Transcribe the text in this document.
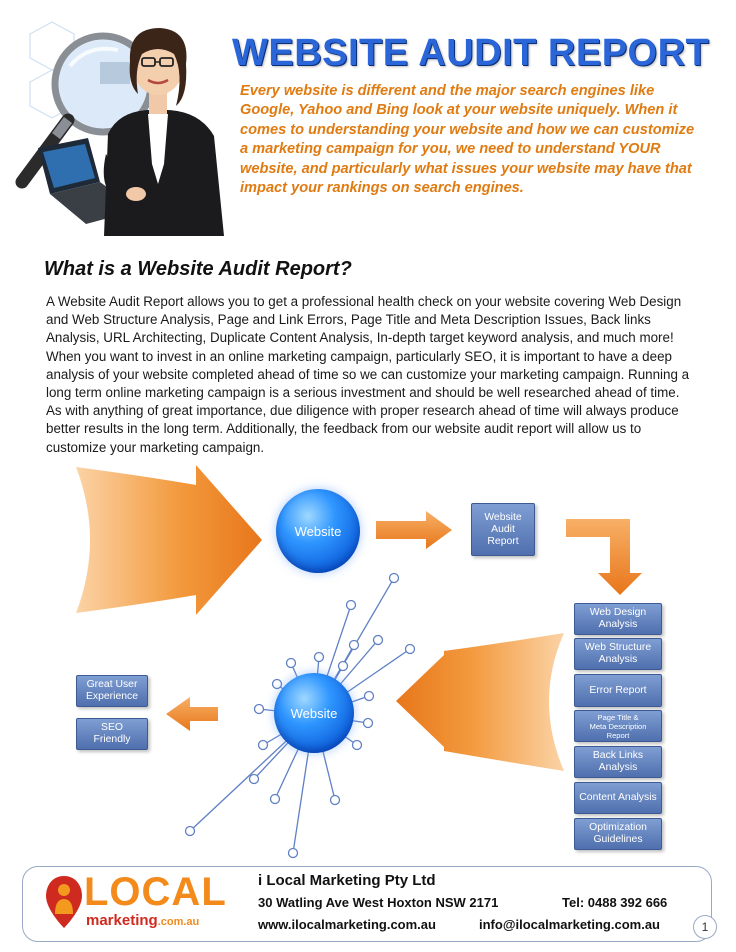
WEBSITE AUDIT REPORT
Every website is different and the major search engines like Google, Yahoo and Bing look at your website uniquely. When it comes to understanding your website and how we can customize a marketing campaign for you, we need to understand YOUR website, and particularly what issues your website may have that impact your rankings on search engines.
What is a Website Audit Report?
A Website Audit Report allows you to get a professional health check on your website covering Web Design and Web Structure Analysis, Page and Link Errors, Page Title and Meta Description Issues, Back links Analysis, URL Architecting, Duplicate Content Analysis, In-depth target keyword analysis, and much more! When you want to invest in an online marketing campaign, particularly SEO, it is important to have a deep analysis of your website completed ahead of time so we can customize your marketing campaign. Running a long term online marketing campaign is a serious investment and should be well researched ahead of time. As with anything of great importance, due diligence with proper research ahead of time will always produce better results in the long term. Additionally, the feedback from our website audit report will allow us to customize your marketing campaign.
Website
Website
Audit
Report
Web Design
Analysis
Web Structure
Analysis
Error Report
Page Title &
Meta Description
Report
Back Links
Analysis
Content Analysis
Optimization
Guidelines
Website
Great User
Experience
SEO
Friendly
LOCAL
marketing.com.au
i Local Marketing Pty Ltd
30 Watling Ave West Hoxton NSW 2171	Tel: 0488 392 666
www.ilocalmarketing.com.au	info@ilocalmarketing.com.au	1
